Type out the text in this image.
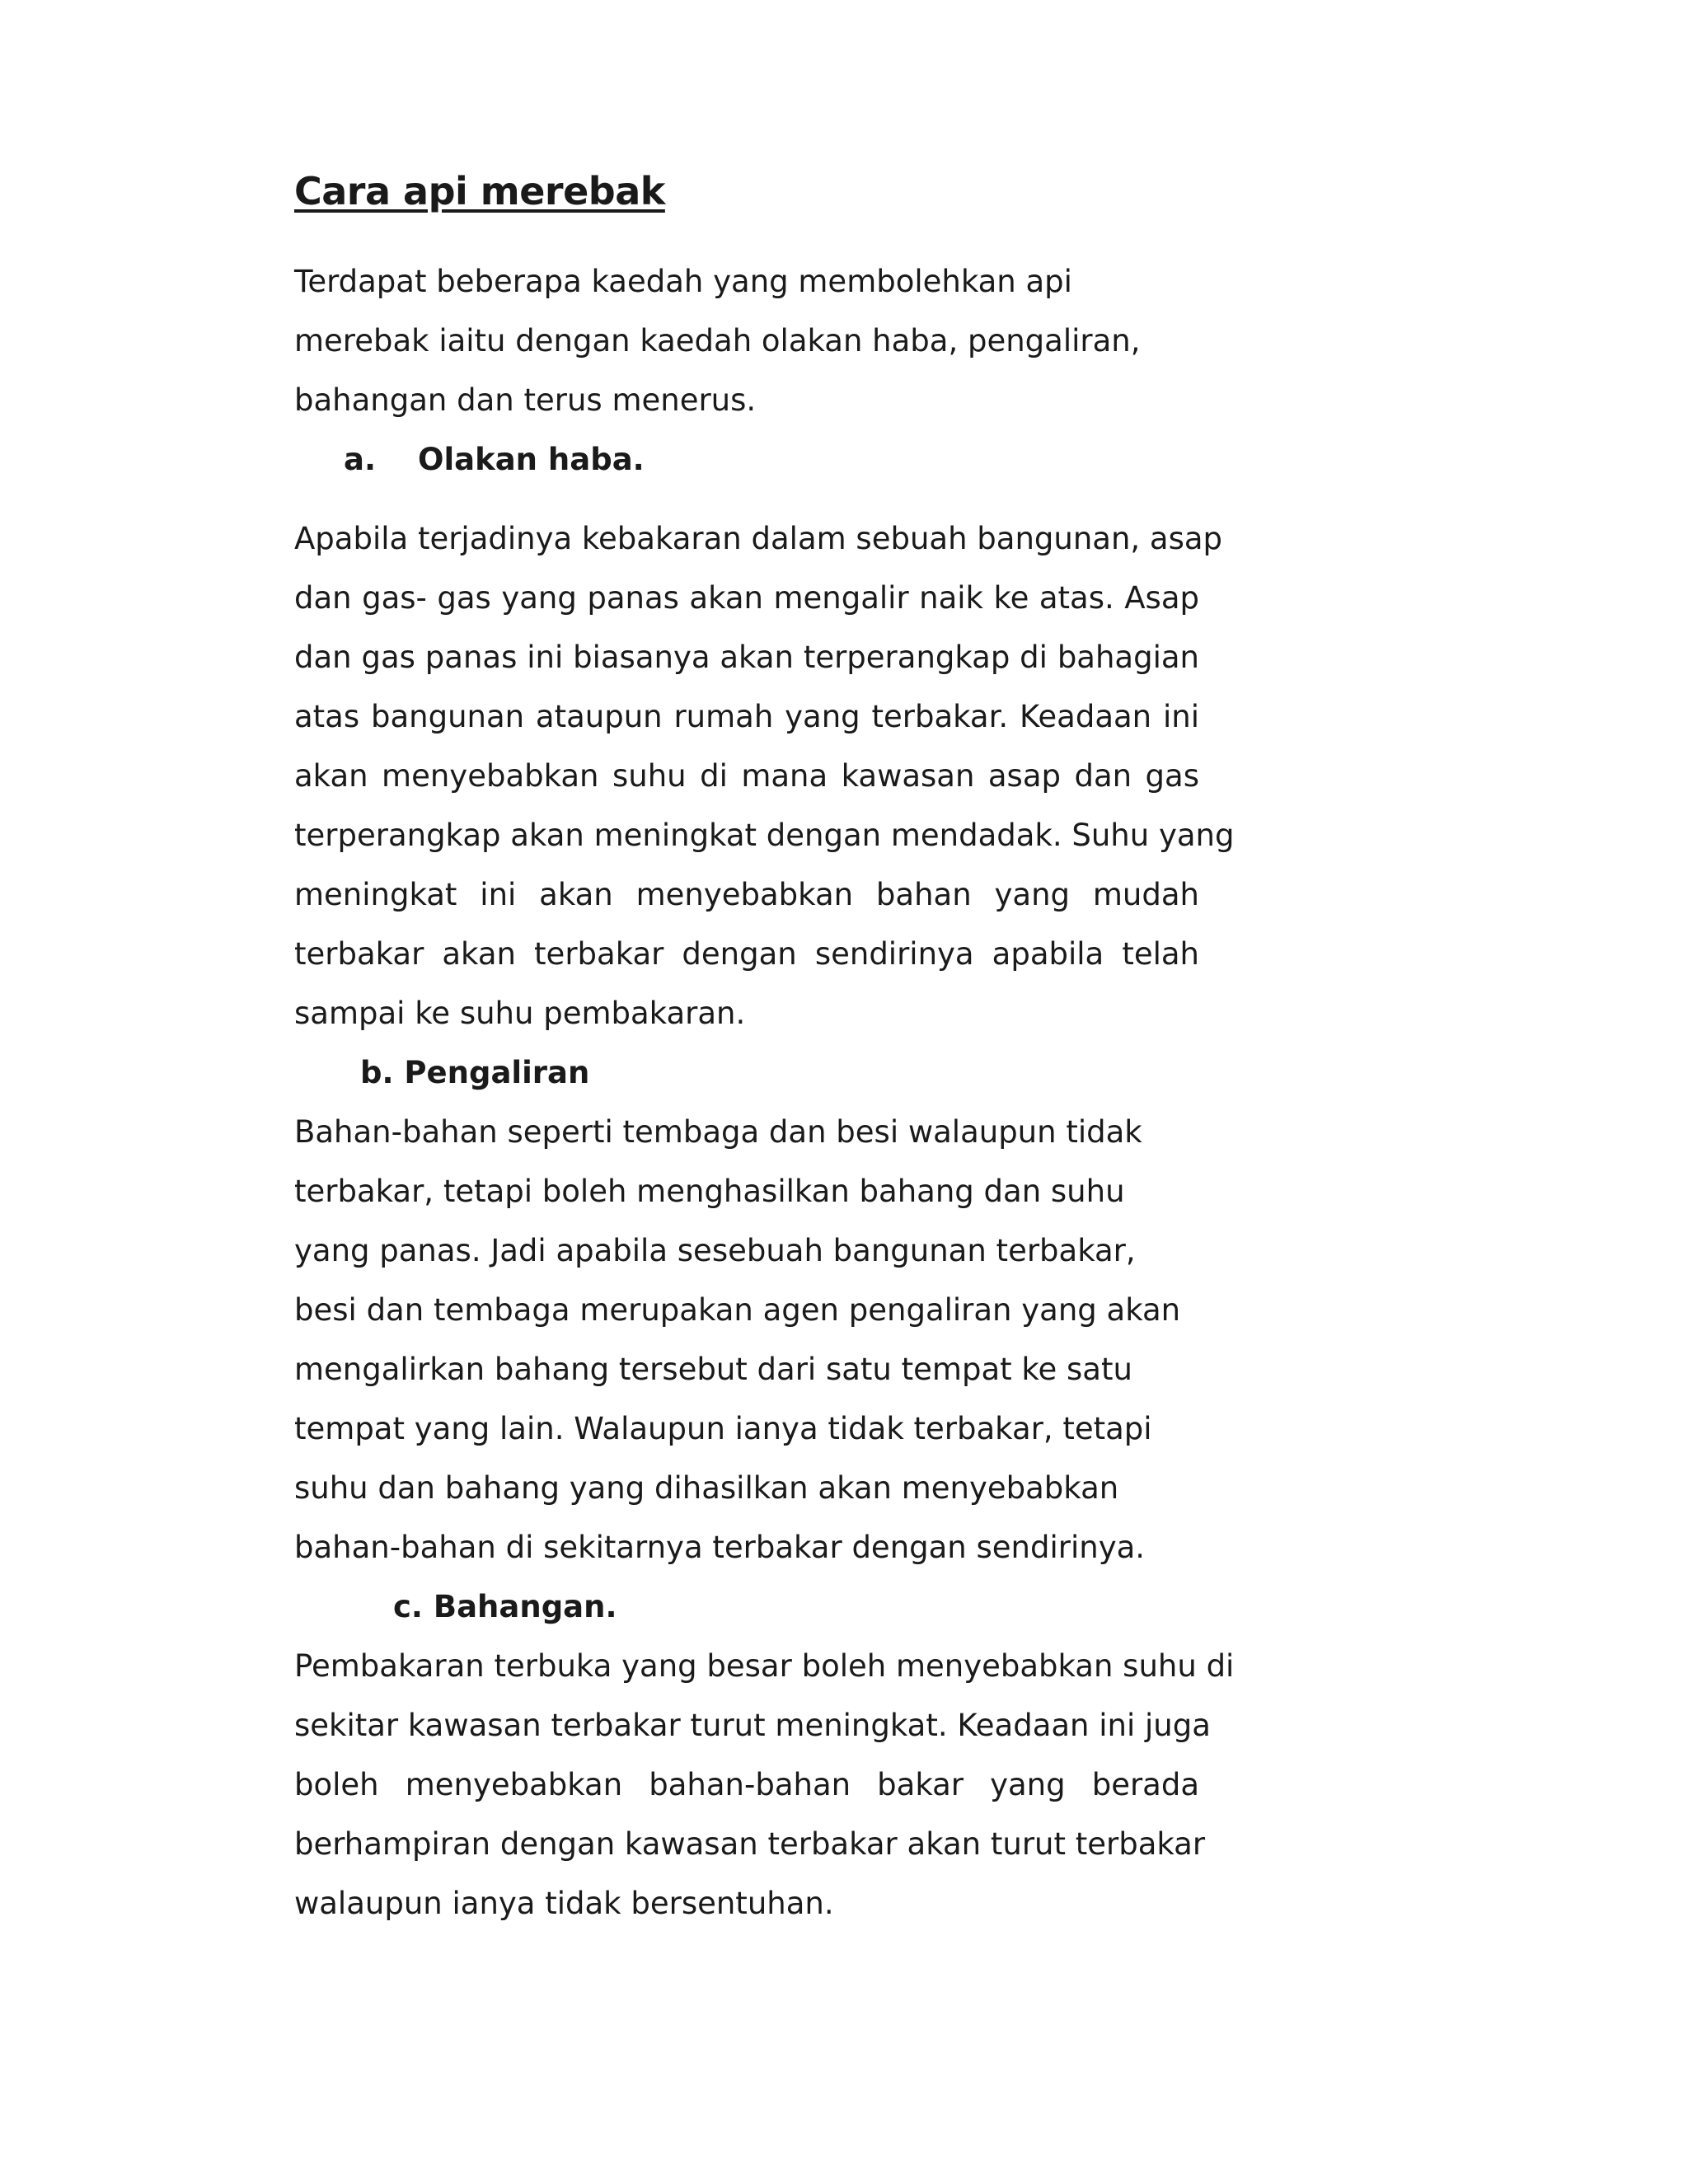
Cara api merebak
Terdapat beberapa kaedah yang membolehkan api
merebak iaitu dengan kaedah olakan haba, pengaliran,
bahangan dan terus menerus.
a. Olakan haba.
Apabila terjadinya kebakaran dalam sebuah bangunan, asap
dan gas- gas yang panas akan mengalir naik ke atas. Asap
dan gas panas ini biasanya akan terperangkap di bahagian
atas bangunan ataupun rumah yang terbakar. Keadaan ini
akan menyebabkan suhu di mana kawasan asap dan gas
terperangkap akan meningkat dengan mendadak. Suhu yang
meningkat ini akan menyebabkan bahan yang mudah
terbakar akan terbakar dengan sendirinya apabila telah
sampai ke suhu pembakaran.
b. Pengaliran
Bahan-bahan seperti tembaga dan besi walaupun tidak
terbakar, tetapi boleh menghasilkan bahang dan suhu
yang panas. Jadi apabila sesebuah bangunan terbakar,
besi dan tembaga merupakan agen pengaliran yang akan
mengalirkan bahang tersebut dari satu tempat ke satu
tempat yang lain. Walaupun ianya tidak terbakar, tetapi
suhu dan bahang yang dihasilkan akan menyebabkan
bahan-bahan di sekitarnya terbakar dengan sendirinya.
c. Bahangan.
Pembakaran terbuka yang besar boleh menyebabkan suhu di
sekitar kawasan terbakar turut meningkat. Keadaan ini juga
boleh menyebabkan bahan-bahan bakar yang berada
berhampiran dengan kawasan terbakar akan turut terbakar
walaupun ianya tidak bersentuhan.
